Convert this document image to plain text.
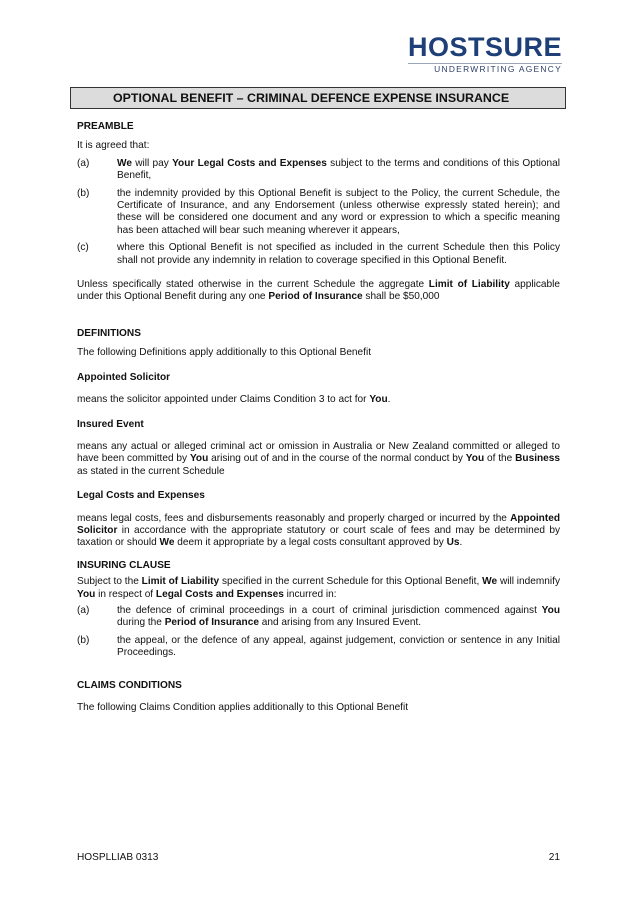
HOSTSURE
UNDERWRITING AGENCY
OPTIONAL BENEFIT – CRIMINAL DEFENCE EXPENSE INSURANCE

PREAMBLE

It is agreed that:

(a)	We will pay Your Legal Costs and Expenses subject to the terms and conditions of this Optional Benefit,
(b)	the indemnity provided by this Optional Benefit is subject to the Policy, the current Schedule, the Certificate of Insurance, and any Endorsement (unless otherwise expressly stated herein); and these will be considered one document and any word or expression to which a specific meaning has been attached will bear such meaning wherever it appears,
(c)	where this Optional Benefit is not specified as included in the current Schedule then this Policy shall not provide any indemnity in relation to coverage specified in this Optional Benefit.

Unless specifically stated otherwise in the current Schedule the aggregate Limit of Liability applicable under this Optional Benefit during any one Period of Insurance shall be $50,000

DEFINITIONS

The following Definitions apply additionally to this Optional Benefit

Appointed Solicitor

means the solicitor appointed under Claims Condition 3 to act for You.

Insured Event

means any actual or alleged criminal act or omission in Australia or New Zealand committed or alleged to have been committed by You arising out of and in the course of the normal conduct by You of the Business as stated in the current Schedule

Legal Costs and Expenses

means legal costs, fees and disbursements reasonably and properly charged or incurred by the Appointed Solicitor in accordance with the appropriate statutory or court scale of fees and may be determined by taxation or should We deem it appropriate by a legal costs consultant approved by Us.

INSURING CLAUSE

Subject to the Limit of Liability specified in the current Schedule for this Optional Benefit, We will indemnify You in respect of Legal Costs and Expenses incurred in:

(a)	the defence of criminal proceedings in a court of criminal jurisdiction commenced against You during the Period of Insurance and arising from any Insured Event.
(b)	the appeal, or the defence of any appeal, against judgement, conviction or sentence in any Initial Proceedings.

CLAIMS CONDITIONS

The following Claims Condition applies additionally to this Optional Benefit

HOSPLLIAB 0313	21
